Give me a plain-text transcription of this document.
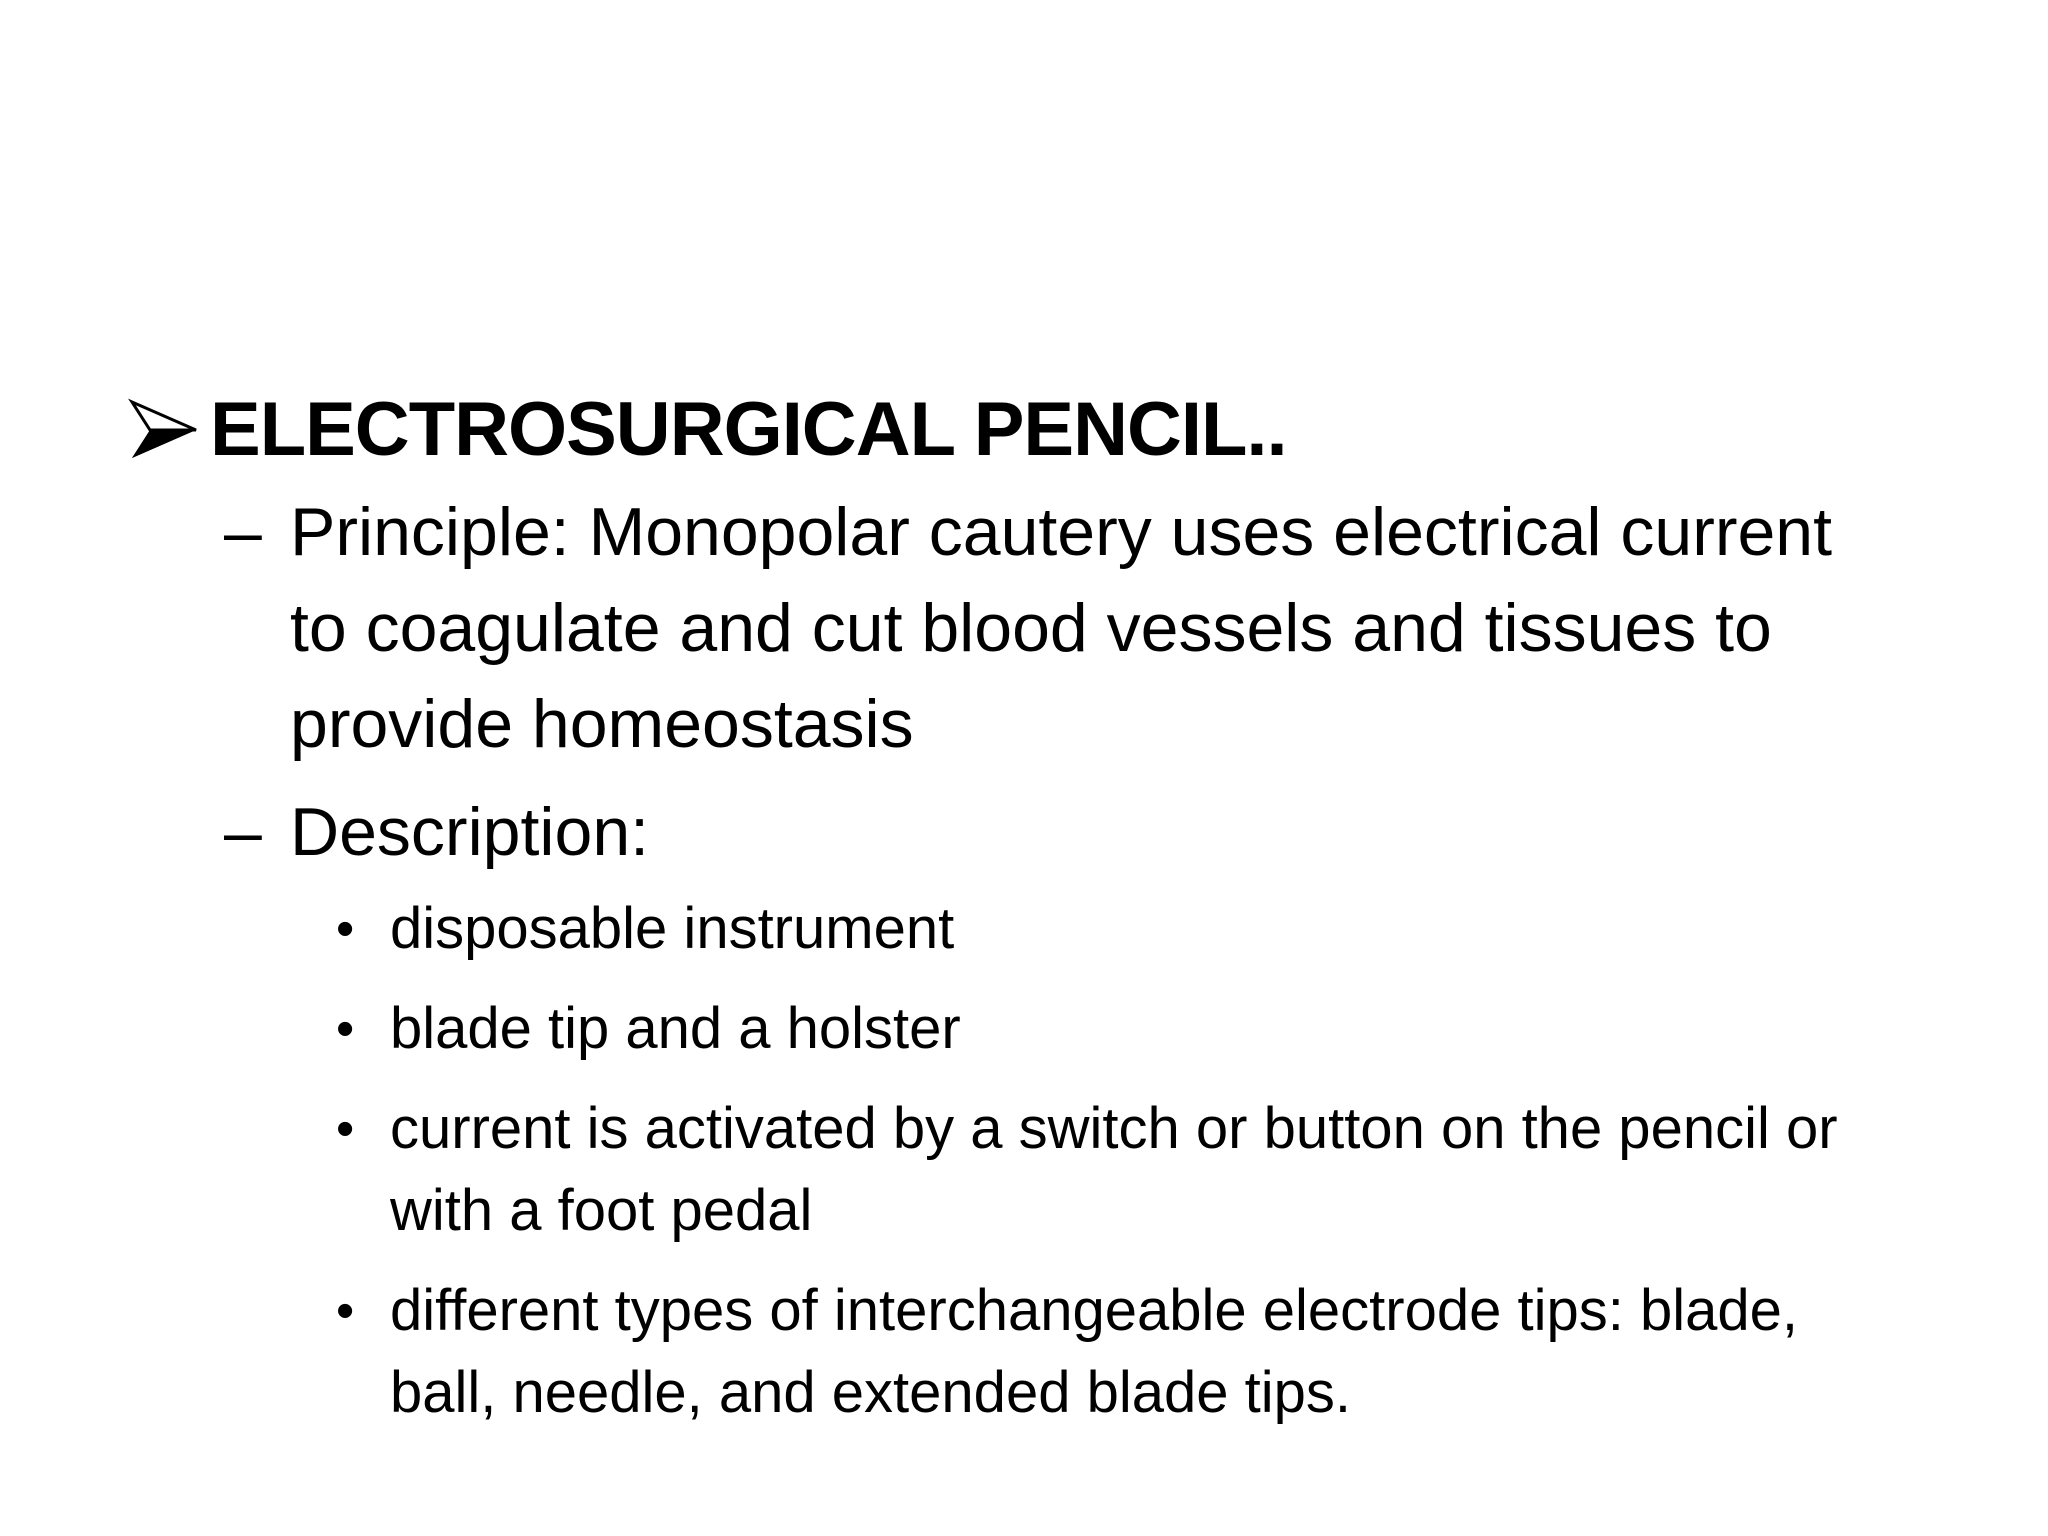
ELECTROSURGICAL PENCIL..
– Principle: Monopolar cautery uses electrical current to coagulate and cut blood vessels and tissues to provide homeostasis
– Description:
• disposable instrument
• blade tip and a holster
• current is activated by a switch or button on the pencil or with a foot pedal
• different types of interchangeable electrode tips: blade, ball, needle, and extended blade tips.
